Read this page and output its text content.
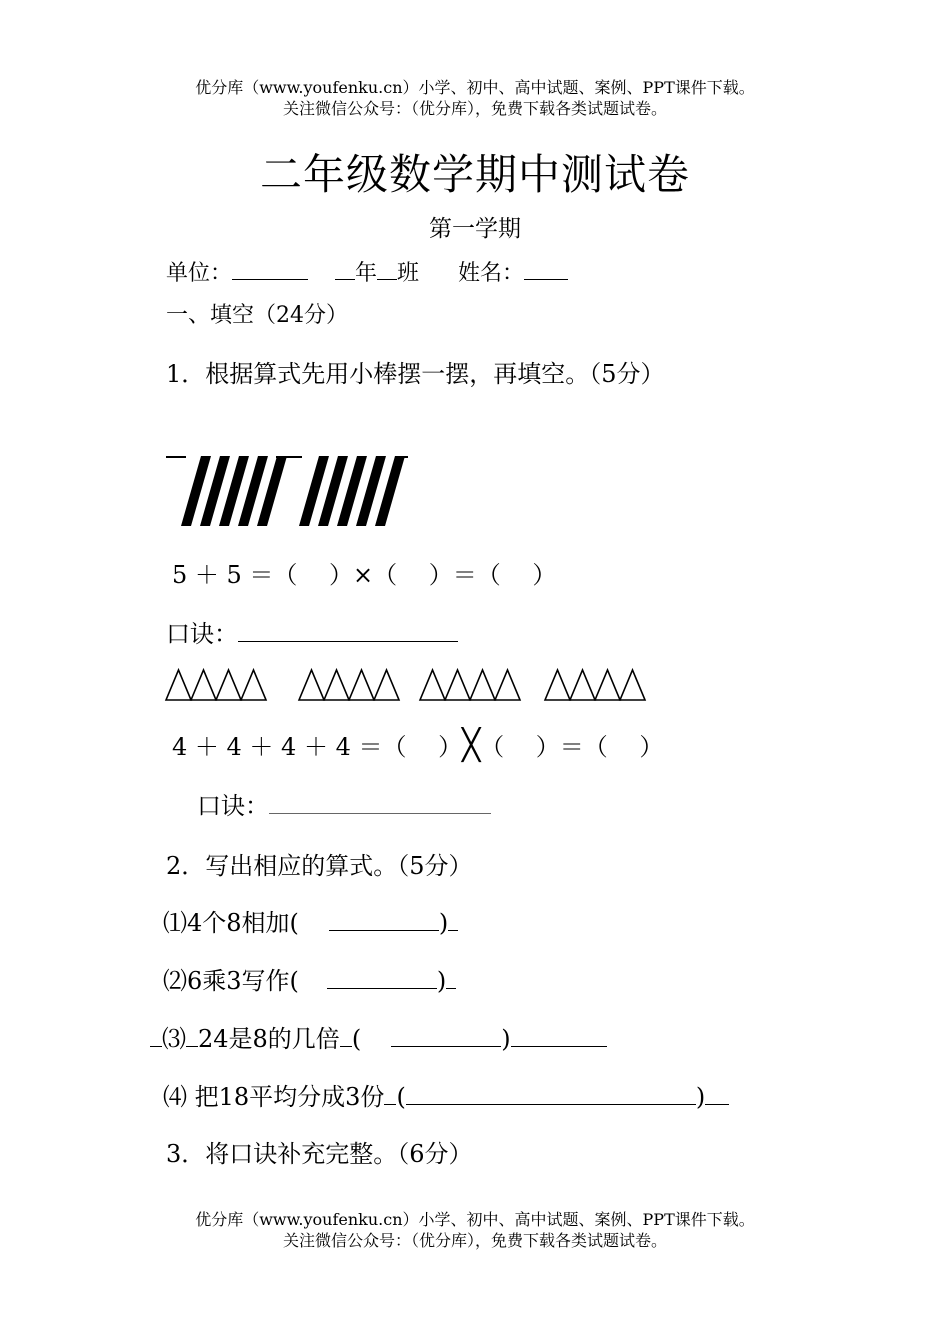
优分库（www.youfenku.cn）小学、初中、高中试题、案例、PPT课件下载。
关注微信公众号：（优分库），免费下载各类试题试卷。
二年级数学期中测试卷
第一学期
单位：	年 班 姓名：
一、填空（24分）
1．根据算式先用小棒摆一摆，再填空。（5分）
5 ＋ 5 ＝（　 ）×（　 ）＝（　 ）
口诀：
4 ＋ 4 ＋ 4 ＋ 4 ＝（　 ）╳（　 ）＝（　 ）
口诀：
2．写出相应的算式。（5分）
⑴4个8相加(	)
⑵6乘3写作(	)
⑶ 24是8的几倍 (	)
⑷ 把18平均分成3份 (	)
3．将口诀补充完整。（6分）
优分库（www.youfenku.cn）小学、初中、高中试题、案例、PPT课件下载。
关注微信公众号：（优分库），免费下载各类试题试卷。
